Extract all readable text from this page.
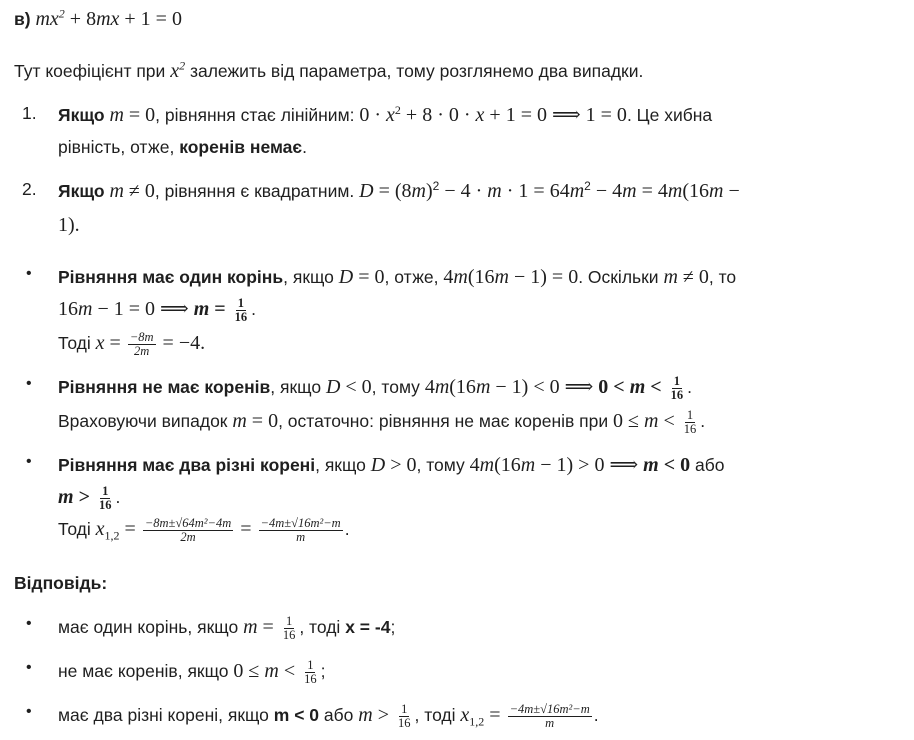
в) $mx^2 + 8mx + 1 = 0$
Тут коефіцієнт при $x^2$ залежить від параметра, тому розглянемо два випадки.
1. Якщо m = 0, рівняння стає лінійним: $0 \cdot x^2 + 8 \cdot 0 \cdot x + 1 = 0$ ⟹ 1 = 0. Це хибна
рівність, отже, коренів немає.
2. Якщо m ≠ 0, рівняння є квадратним. $D = (8m)^2 - 4 \cdot m \cdot 1 = 64m^2 - 4m = 4m(16m$ −
1).
• Рівняння має один корінь, якщо D = 0, отже, 4m(16m − 1) = 0. Оскільки m ≠ 0, то
16m − 1 = 0 ⟹ $m = \frac{1}{16}$ .
Тоді $x = \frac{-8m}{2m} = -4$.
• Рівняння не має коренів, якщо D < 0, тому 4m(16m − 1) < 0 ⟹ $0 < m < \frac{1}{16}$ .
Враховуючи випадок m = 0, остаточно: рівняння не має коренів при $0 \le m < \frac{1}{16}$ .
• Рівняння має два різні корені, якщо D > 0, тому 4m(16m − 1) > 0 ⟹ m < 0 або
$m > \frac{1}{16}$ .
Тоді $x_{1,2} = \frac{\text{−8m±√64m²−4m}}{2m} = \frac{\text{−4m±√16m²−m}}{m}$ .
Відповідь:
• має один корінь, якщо $m = \frac{1}{16}$ , тоді x = -4;
• не має коренів, якщо $0 \le m < \frac{1}{16}$ ;
• має два різні корені, якщо m < 0 або $m > \frac{1}{16}$ , тоді $x_{1,2} = \frac{\text{−4m±√16m²−m}}{m}$ .
